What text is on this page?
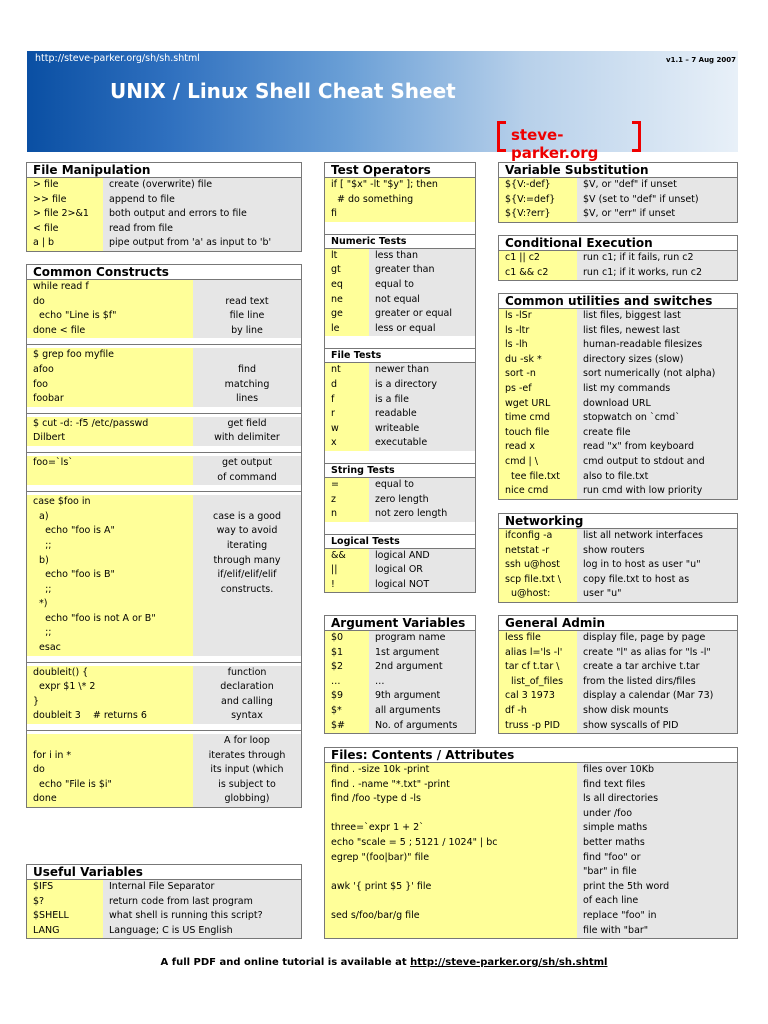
http://steve-parker.org/sh/sh.shtml	v1.1 – 7 Aug 2007
UNIX / Linux Shell Cheat Sheet
steve-parker.org
File Manipulation
> file	create (overwrite) file
>> file	append to file
> file 2>&1	both output and errors to file
< file	read from file
a | b	pipe output from 'a' as input to 'b'
Common Constructs
while read f
do	read text
echo "Line is $f"	file line
done < file	by line
$ grep foo myfile
afoo	find
foo	matching
foobar	lines
$ cut -d: -f5 /etc/passwd	get field
Dilbert	with delimiter
foo=`ls`	get output
of command
case $foo in
a)	case is a good
echo "foo is A"	way to avoid
;;	iterating
b)	through many
echo "foo is B"	if/elif/elif/elif
;;	constructs.
*)
echo "foo is not A or B"
;;
esac
doubleit() {	function
expr $1 \* 2	declaration
}	and calling
doubleit 3    # returns 6	syntax
A for loop
for i in *	iterates through
do	its input (which
echo "File is $i"	is subject to
done	globbing)
Useful Variables
$IFS	Internal File Separator
$?	return code from last program
$SHELL	what shell is running this script?
LANG	Language; C is US English
Test Operators
if [ "$x" -lt "$y" ]; then
# do something
fi
Numeric Tests
lt	less than
gt	greater than
eq	equal to
ne	not equal
ge	greater or equal
le	less or equal
File Tests
nt	newer than
d	is a directory
f	is a file
r	readable
w	writeable
x	executable
String Tests
=	equal to
z	zero length
n	not zero length
Logical Tests
&&	logical AND
||	logical OR
!	logical NOT
Argument Variables
$0	program name
$1	1st argument
$2	2nd argument
…	…
$9	9th argument
$*	all arguments
$#	No. of arguments
Variable Substitution
${V:-def}	$V, or "def" if unset
${V:=def}	$V (set to "def" if unset)
${V:?err}	$V, or "err" if unset
Conditional Execution
c1 || c2	run c1; if it fails, run c2
c1 && c2	run c1; if it works, run c2
Common utilities and switches
ls -lSr	list files, biggest last
ls -ltr	list files, newest last
ls -lh	human-readable filesizes
du -sk *	directory sizes (slow)
sort -n	sort numerically (not alpha)
ps -ef	list my commands
wget URL	download URL
time cmd	stopwatch on `cmd`
touch file	create file
read x	read "x" from keyboard
cmd | \	cmd output to stdout and
tee file.txt	also to file.txt
nice cmd	run cmd with low priority
Networking
ifconfig -a	list all network interfaces
netstat -r	show routers
ssh u@host	log in to host as user "u"
scp file.txt \	copy file.txt to host as
u@host:	user "u"
General Admin
less file	display file, page by page
alias l='ls -l'	create "l" as alias for "ls -l"
tar cf t.tar \	create a tar archive t.tar
list_of_files	from the listed dirs/files
cal 3 1973	display a calendar (Mar 73)
df -h	show disk mounts
truss -p PID	show syscalls of PID
Files: Contents / Attributes
find . -size 10k -print	files over 10Kb
find . -name "*.txt" -print	find text files
find /foo -type d -ls	ls all directories
under /foo
three=`expr 1 + 2`	simple maths
echo "scale = 5 ; 5121 / 1024" | bc	better maths
egrep "(foo|bar)" file	find "foo" or
"bar" in file
awk '{ print $5 }' file	print the 5th word
of each line
sed s/foo/bar/g file	replace "foo" in
file with "bar"
A full PDF and online tutorial is available at http://steve-parker.org/sh/sh.shtml
